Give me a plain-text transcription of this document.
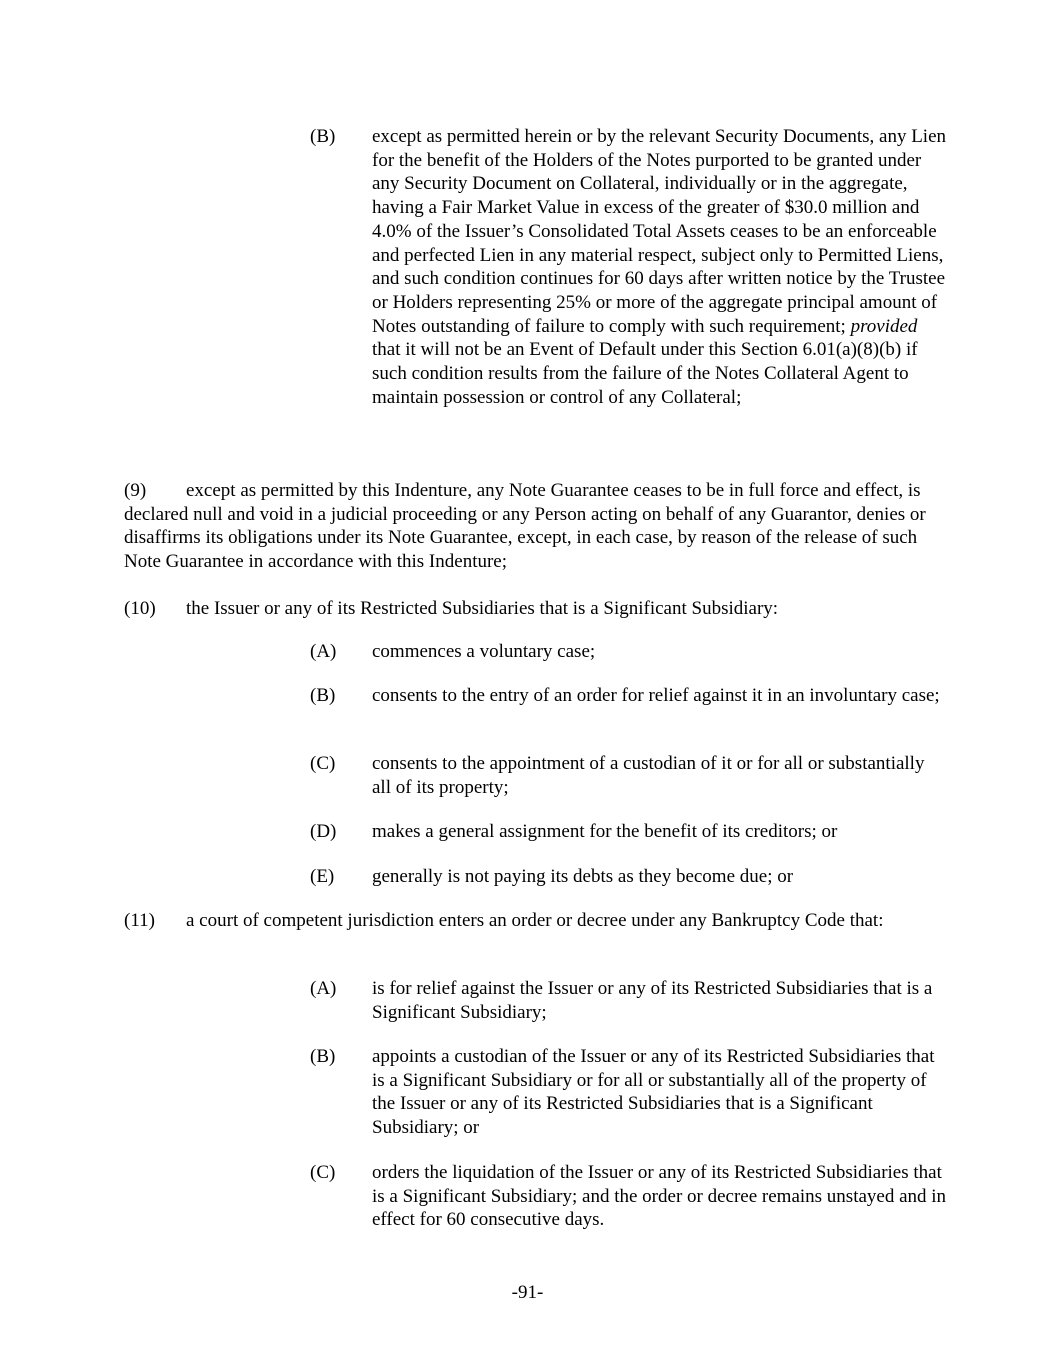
(B) except as permitted herein or by the relevant Security Documents, any Lien for the benefit of the Holders of the Notes purported to be granted under any Security Document on Collateral, individually or in the aggregate, having a Fair Market Value in excess of the greater of $30.0 million and 4.0% of the Issuer’s Consolidated Total Assets ceases to be an enforceable and perfected Lien in any material respect, subject only to Permitted Liens, and such condition continues for 60 days after written notice by the Trustee or Holders representing 25% or more of the aggregate principal amount of Notes outstanding of failure to comply with such requirement; provided that it will not be an Event of Default under this Section 6.01(a)(8)(b) if such condition results from the failure of the Notes Collateral Agent to maintain possession or control of any Collateral;
(9) except as permitted by this Indenture, any Note Guarantee ceases to be in full force and effect, is declared null and void in a judicial proceeding or any Person acting on behalf of any Guarantor, denies or disaffirms its obligations under its Note Guarantee, except, in each case, by reason of the release of such Note Guarantee in accordance with this Indenture;
(10) the Issuer or any of its Restricted Subsidiaries that is a Significant Subsidiary:
(A) commences a voluntary case;
(B) consents to the entry of an order for relief against it in an involuntary case;
(C) consents to the appointment of a custodian of it or for all or substantially all of its property;
(D) makes a general assignment for the benefit of its creditors; or
(E) generally is not paying its debts as they become due; or
(11) a court of competent jurisdiction enters an order or decree under any Bankruptcy Code that:
(A) is for relief against the Issuer or any of its Restricted Subsidiaries that is a Significant Subsidiary;
(B) appoints a custodian of the Issuer or any of its Restricted Subsidiaries that is a Significant Subsidiary or for all or substantially all of the property of the Issuer or any of its Restricted Subsidiaries that is a Significant Subsidiary; or
(C) orders the liquidation of the Issuer or any of its Restricted Subsidiaries that is a Significant Subsidiary; and the order or decree remains unstayed and in effect for 60 consecutive days.
-91-
